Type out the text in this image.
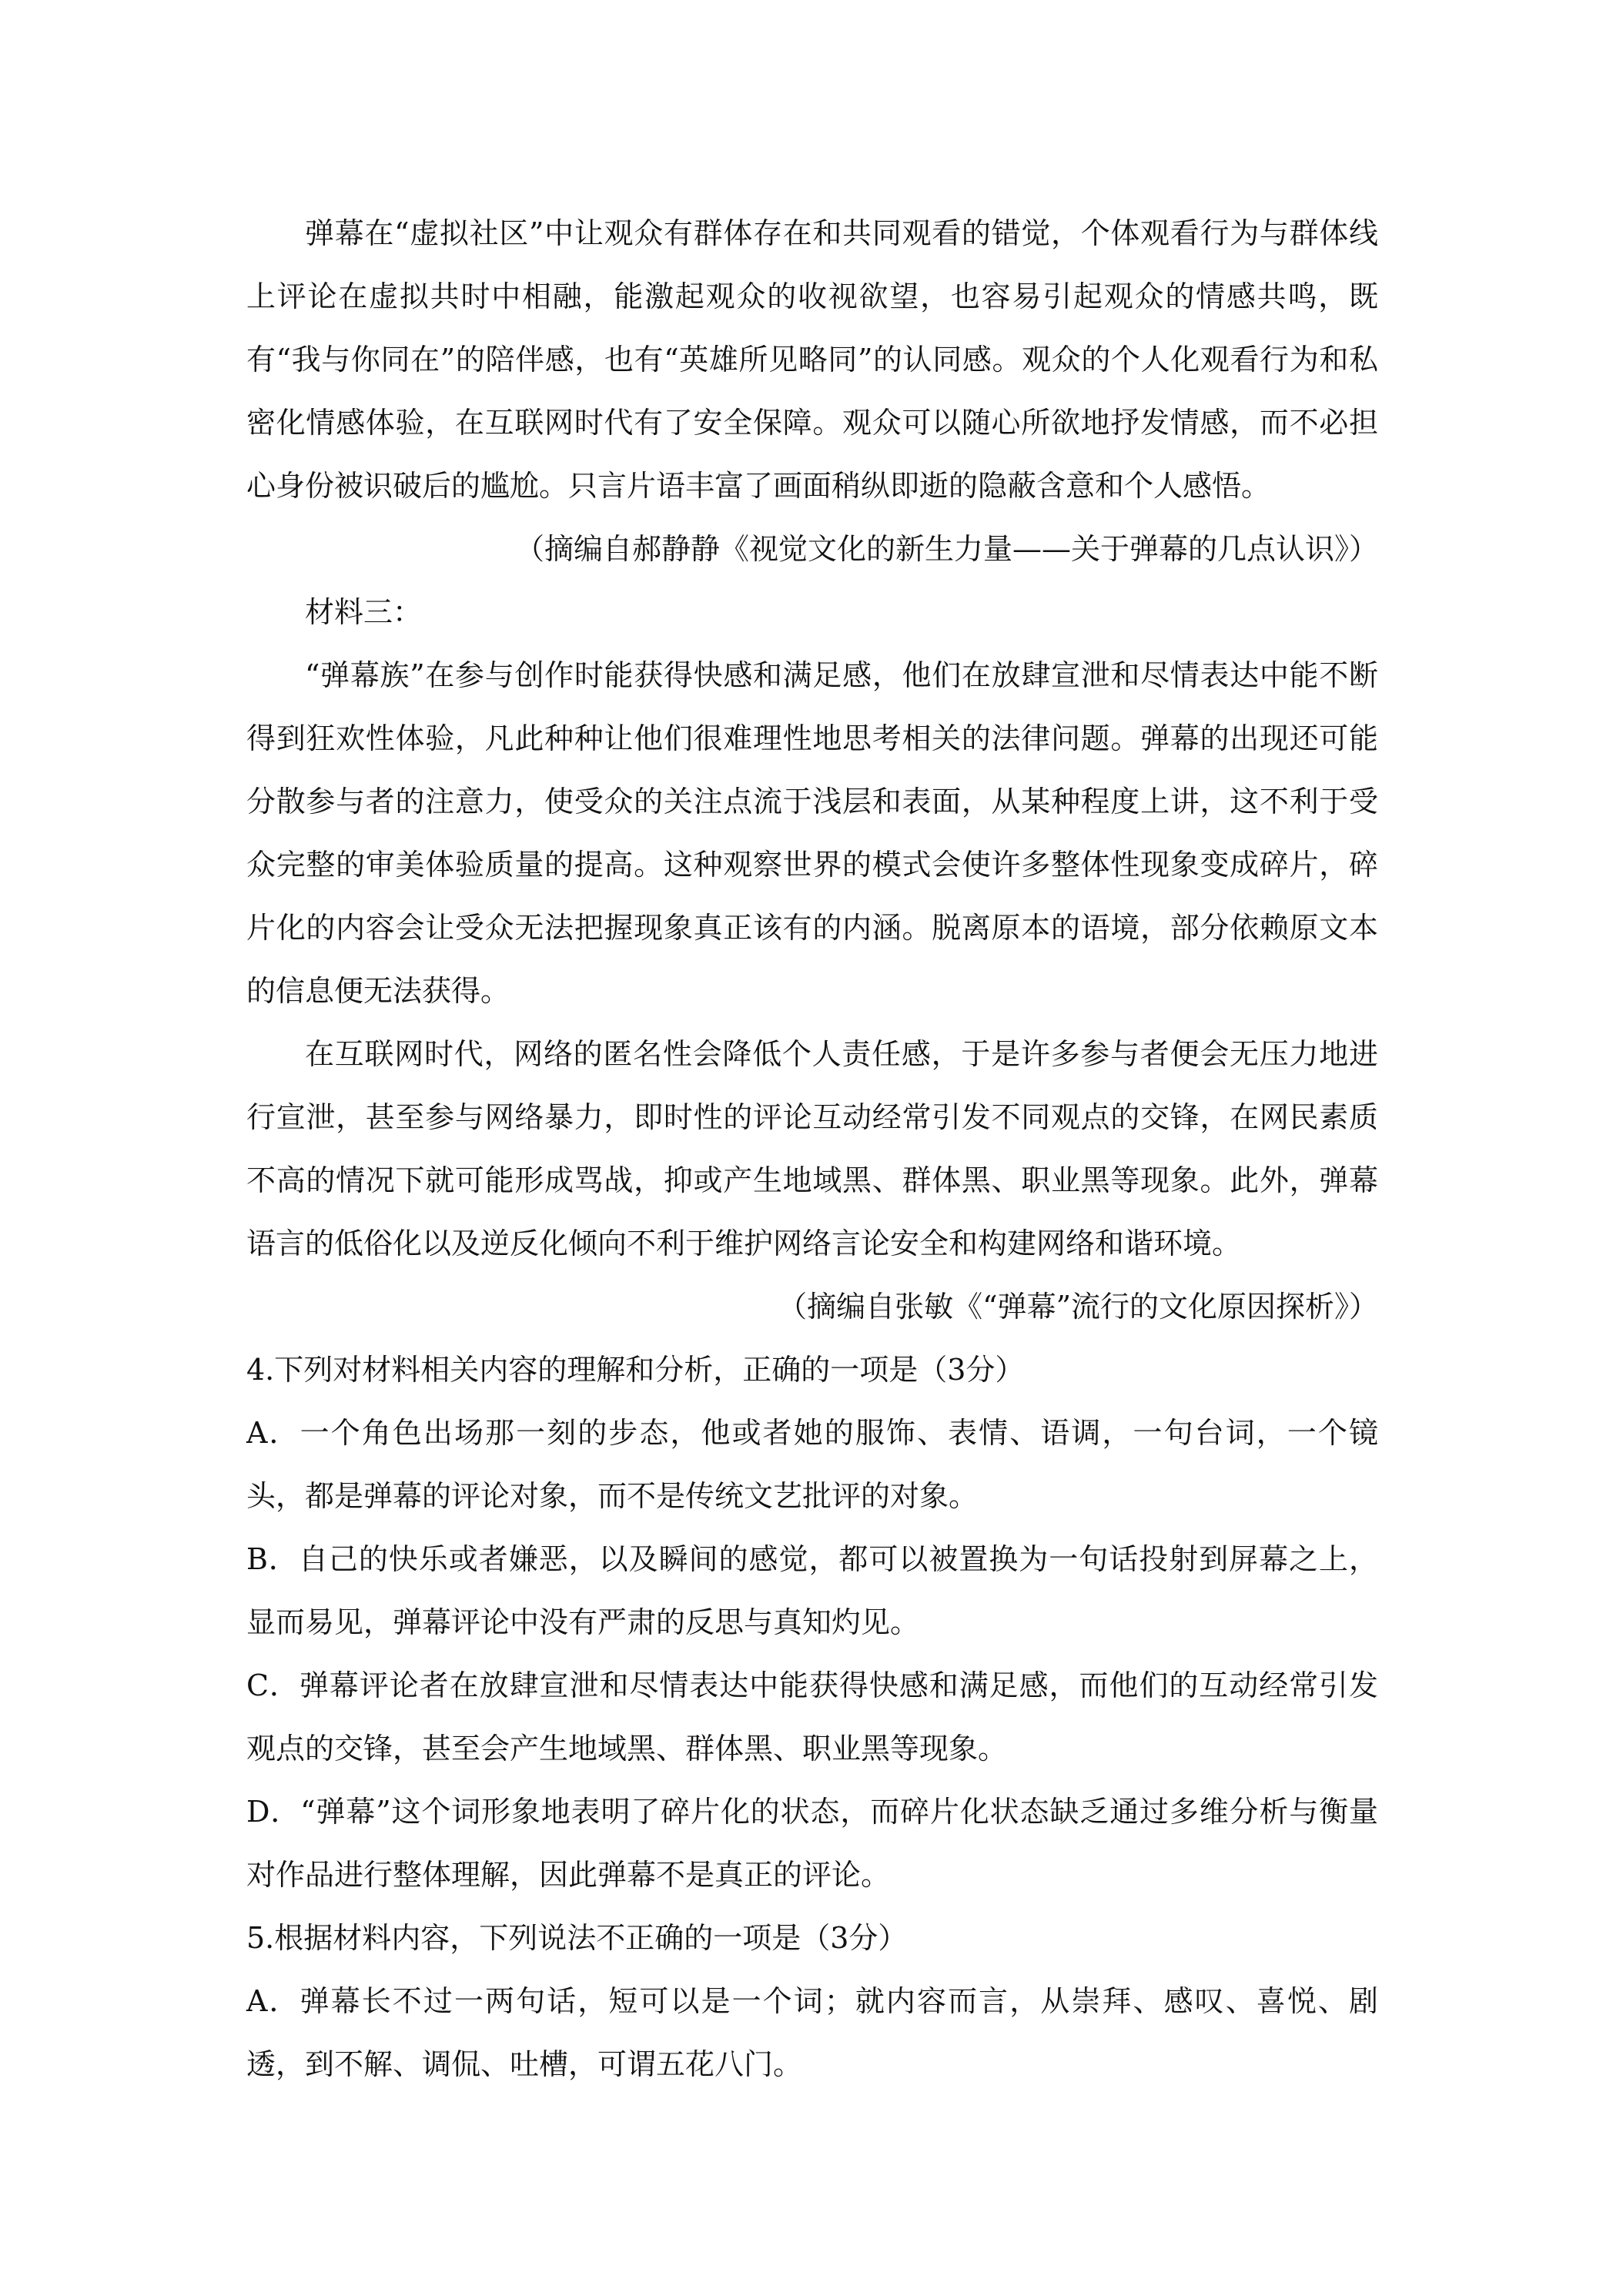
弹幕在“虚拟社区”中让观众有群体存在和共同观看的错觉，个体观看行为与群体线上评论在虚拟共时中相融，能激起观众的收视欲望，也容易引起观众的情感共鸣，既有“我与你同在”的陪伴感，也有“英雄所见略同”的认同感。观众的个人化观看行为和私密化情感体验，在互联网时代有了安全保障。观众可以随心所欲地抒发情感，而不必担心身份被识破后的尴尬。只言片语丰富了画面稍纵即逝的隐蔽含意和个人感悟。

（摘编自郝静静《视觉文化的新生力量——关于弹幕的几点认识》）

材料三：

“弹幕族”在参与创作时能获得快感和满足感，他们在放肆宣泄和尽情表达中能不断得到狂欢性体验，凡此种种让他们很难理性地思考相关的法律问题。弹幕的出现还可能分散参与者的注意力，使受众的关注点流于浅层和表面，从某种程度上讲，这不利于受众完整的审美体验质量的提高。这种观察世界的模式会使许多整体性现象变成碎片，碎片化的内容会让受众无法把握现象真正该有的内涵。脱离原本的语境，部分依赖原文本的信息便无法获得。

在互联网时代，网络的匿名性会降低个人责任感，于是许多参与者便会无压力地进行宣泄，甚至参与网络暴力，即时性的评论互动经常引发不同观点的交锋，在网民素质不高的情况下就可能形成骂战，抑或产生地域黑、群体黑、职业黑等现象。此外，弹幕语言的低俗化以及逆反化倾向不利于维护网络言论安全和构建网络和谐环境。

（摘编自张敏《“弹幕”流行的文化原因探析》）

4.下列对材料相关内容的理解和分析，正确的一项是（3分）

A．一个角色出场那一刻的步态，他或者她的服饰、表情、语调，一句台词，一个镜头，都是弹幕的评论对象，而不是传统文艺批评的对象。

B．自己的快乐或者嫌恶，以及瞬间的感觉，都可以被置换为一句话投射到屏幕之上，显而易见，弹幕评论中没有严肃的反思与真知灼见。

C．弹幕评论者在放肆宣泄和尽情表达中能获得快感和满足感，而他们的互动经常引发观点的交锋，甚至会产生地域黑、群体黑、职业黑等现象。

D．“弹幕”这个词形象地表明了碎片化的状态，而碎片化状态缺乏通过多维分析与衡量对作品进行整体理解，因此弹幕不是真正的评论。

5.根据材料内容，下列说法不正确的一项是（3分）

A．弹幕长不过一两句话，短可以是一个词；就内容而言，从崇拜、感叹、喜悦、剧透，到不解、调侃、吐槽，可谓五花八门。
